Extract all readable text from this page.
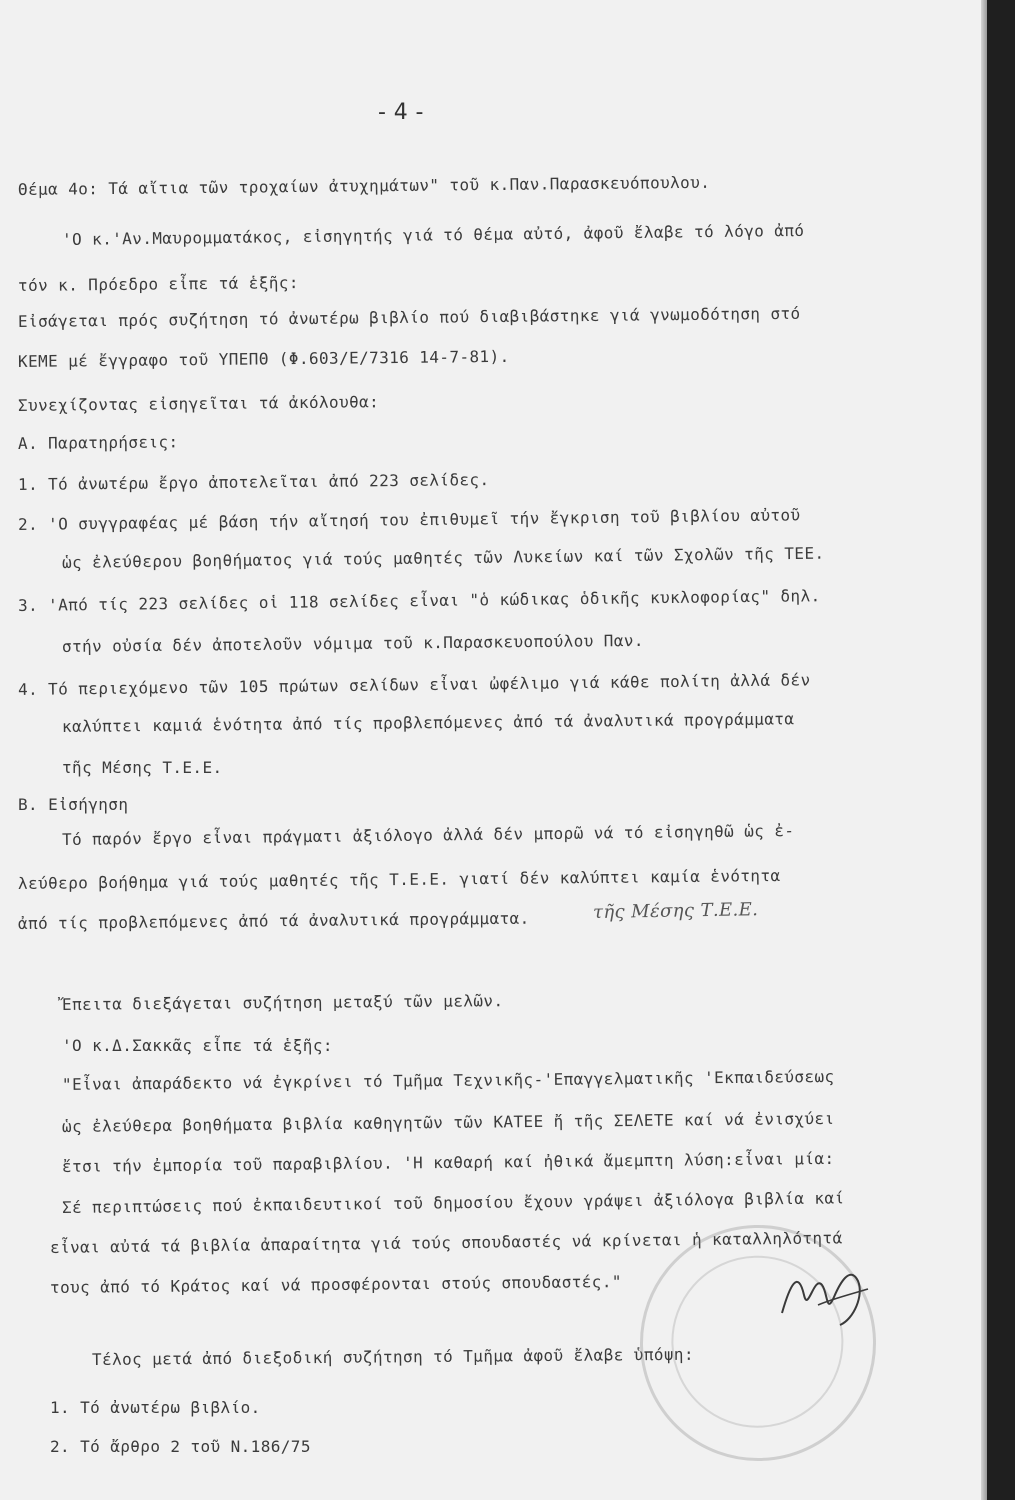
- 4 -
Θέμα 4ο: Τά αἴτια τῶν τροχαίων ἀτυχημάτων" τοῦ κ.Παν.Παρασκευόπουλου.
'Ο κ.'Αν.Μαυρομματάκος, εἰσηγητής γιά τό θέμα αὐτό, ἀφοῦ ἔλαβε τό λόγο ἀπό
τόν κ. Πρόεδρο εἶπε τά ἑξῆς:
Εἰσάγεται πρός συζήτηση τό ἀνωτέρω βιβλίο πού διαβιβάστηκε γιά γνωμοδότηση στό
ΚΕΜΕ μέ ἔγγραφο τοῦ ΥΠΕΠΘ (Φ.603/Ε/7316 14-7-81).
Συνεχίζοντας εἰσηγεῖται τά ἀκόλουθα:
Α. Παρατηρήσεις:
1. Τό ἀνωτέρω ἔργο ἀποτελεῖται ἀπό 223 σελίδες.
2. 'Ο συγγραφέας μέ βάση τήν αἴτησή του ἐπιθυμεῖ τήν ἔγκριση τοῦ βιβλίου αὐτοῦ
ὡς ἐλεύθερου βοηθήματος γιά τούς μαθητές τῶν Λυκείων καί τῶν Σχολῶν τῆς ΤΕΕ.
3. 'Από τίς 223 σελίδες οἱ 118 σελίδες εἶναι "ὁ κώδικας ὁδικῆς κυκλοφορίας" δηλ.
στήν οὐσία δέν ἀποτελοῦν νόμιμα τοῦ κ.Παρασκευοπούλου Παν.
4. Τό περιεχόμενο τῶν 105 πρώτων σελίδων εἶναι ὠφέλιμο γιά κάθε πολίτη ἀλλά δέν
καλύπτει καμιά ἑνότητα ἀπό τίς προβλεπόμενες ἀπό τά ἀναλυτικά προγράμματα
τῆς Μέσης Τ.Ε.Ε.
Β. Εἰσήγηση
Τό παρόν ἔργο εἶναι πράγματι ἀξιόλογο ἀλλά δέν μπορῶ νά τό εἰσηγηθῶ ὡς ἐ-
λεύθερο βοήθημα γιά τούς μαθητές τῆς Τ.Ε.Ε. γιατί δέν καλύπτει καμία ἑνότητα
ἀπό τίς προβλεπόμενες ἀπό τά ἀναλυτικά προγράμματα.	τῆς Μέσης Τ.Ε.Ε.
Ἔπειτα διεξάγεται συζήτηση μεταξύ τῶν μελῶν.
'Ο κ.Δ.Σακκᾶς εἶπε τά ἑξῆς:
"Εἶναι ἀπαράδεκτο νά ἐγκρίνει τό Τμῆμα Τεχνικῆς-'Επαγγελματικῆς 'Εκπαιδεύσεως
ὡς ἐλεύθερα βοηθήματα βιβλία καθηγητῶν τῶν ΚΑΤΕΕ ἤ τῆς ΣΕΛΕΤΕ καί νά ἐνισχύει
ἔτσι τήν ἐμπορία τοῦ παραβιβλίου. 'Η καθαρή καί ἠθικά ἄμεμπτη λύση:εἶναι μία:
Σέ περιπτώσεις πού ἐκπαιδευτικοί τοῦ δημοσίου ἔχουν γράψει ἀξιόλογα βιβλία καί
εἶναι αὐτά τά βιβλία ἀπαραίτητα γιά τούς σπουδαστές νά κρίνεται ἡ καταλληλότητά
τους ἀπό τό Κράτος καί νά προσφέρονται στούς σπουδαστές."
Τέλος μετά ἀπό διεξοδική συζήτηση τό Τμῆμα ἀφοῦ ἔλαβε ὑπόψη:
1. Τό ἀνωτέρω βιβλίο.
2. Τό ἄρθρο 2 τοῦ Ν.186/75
